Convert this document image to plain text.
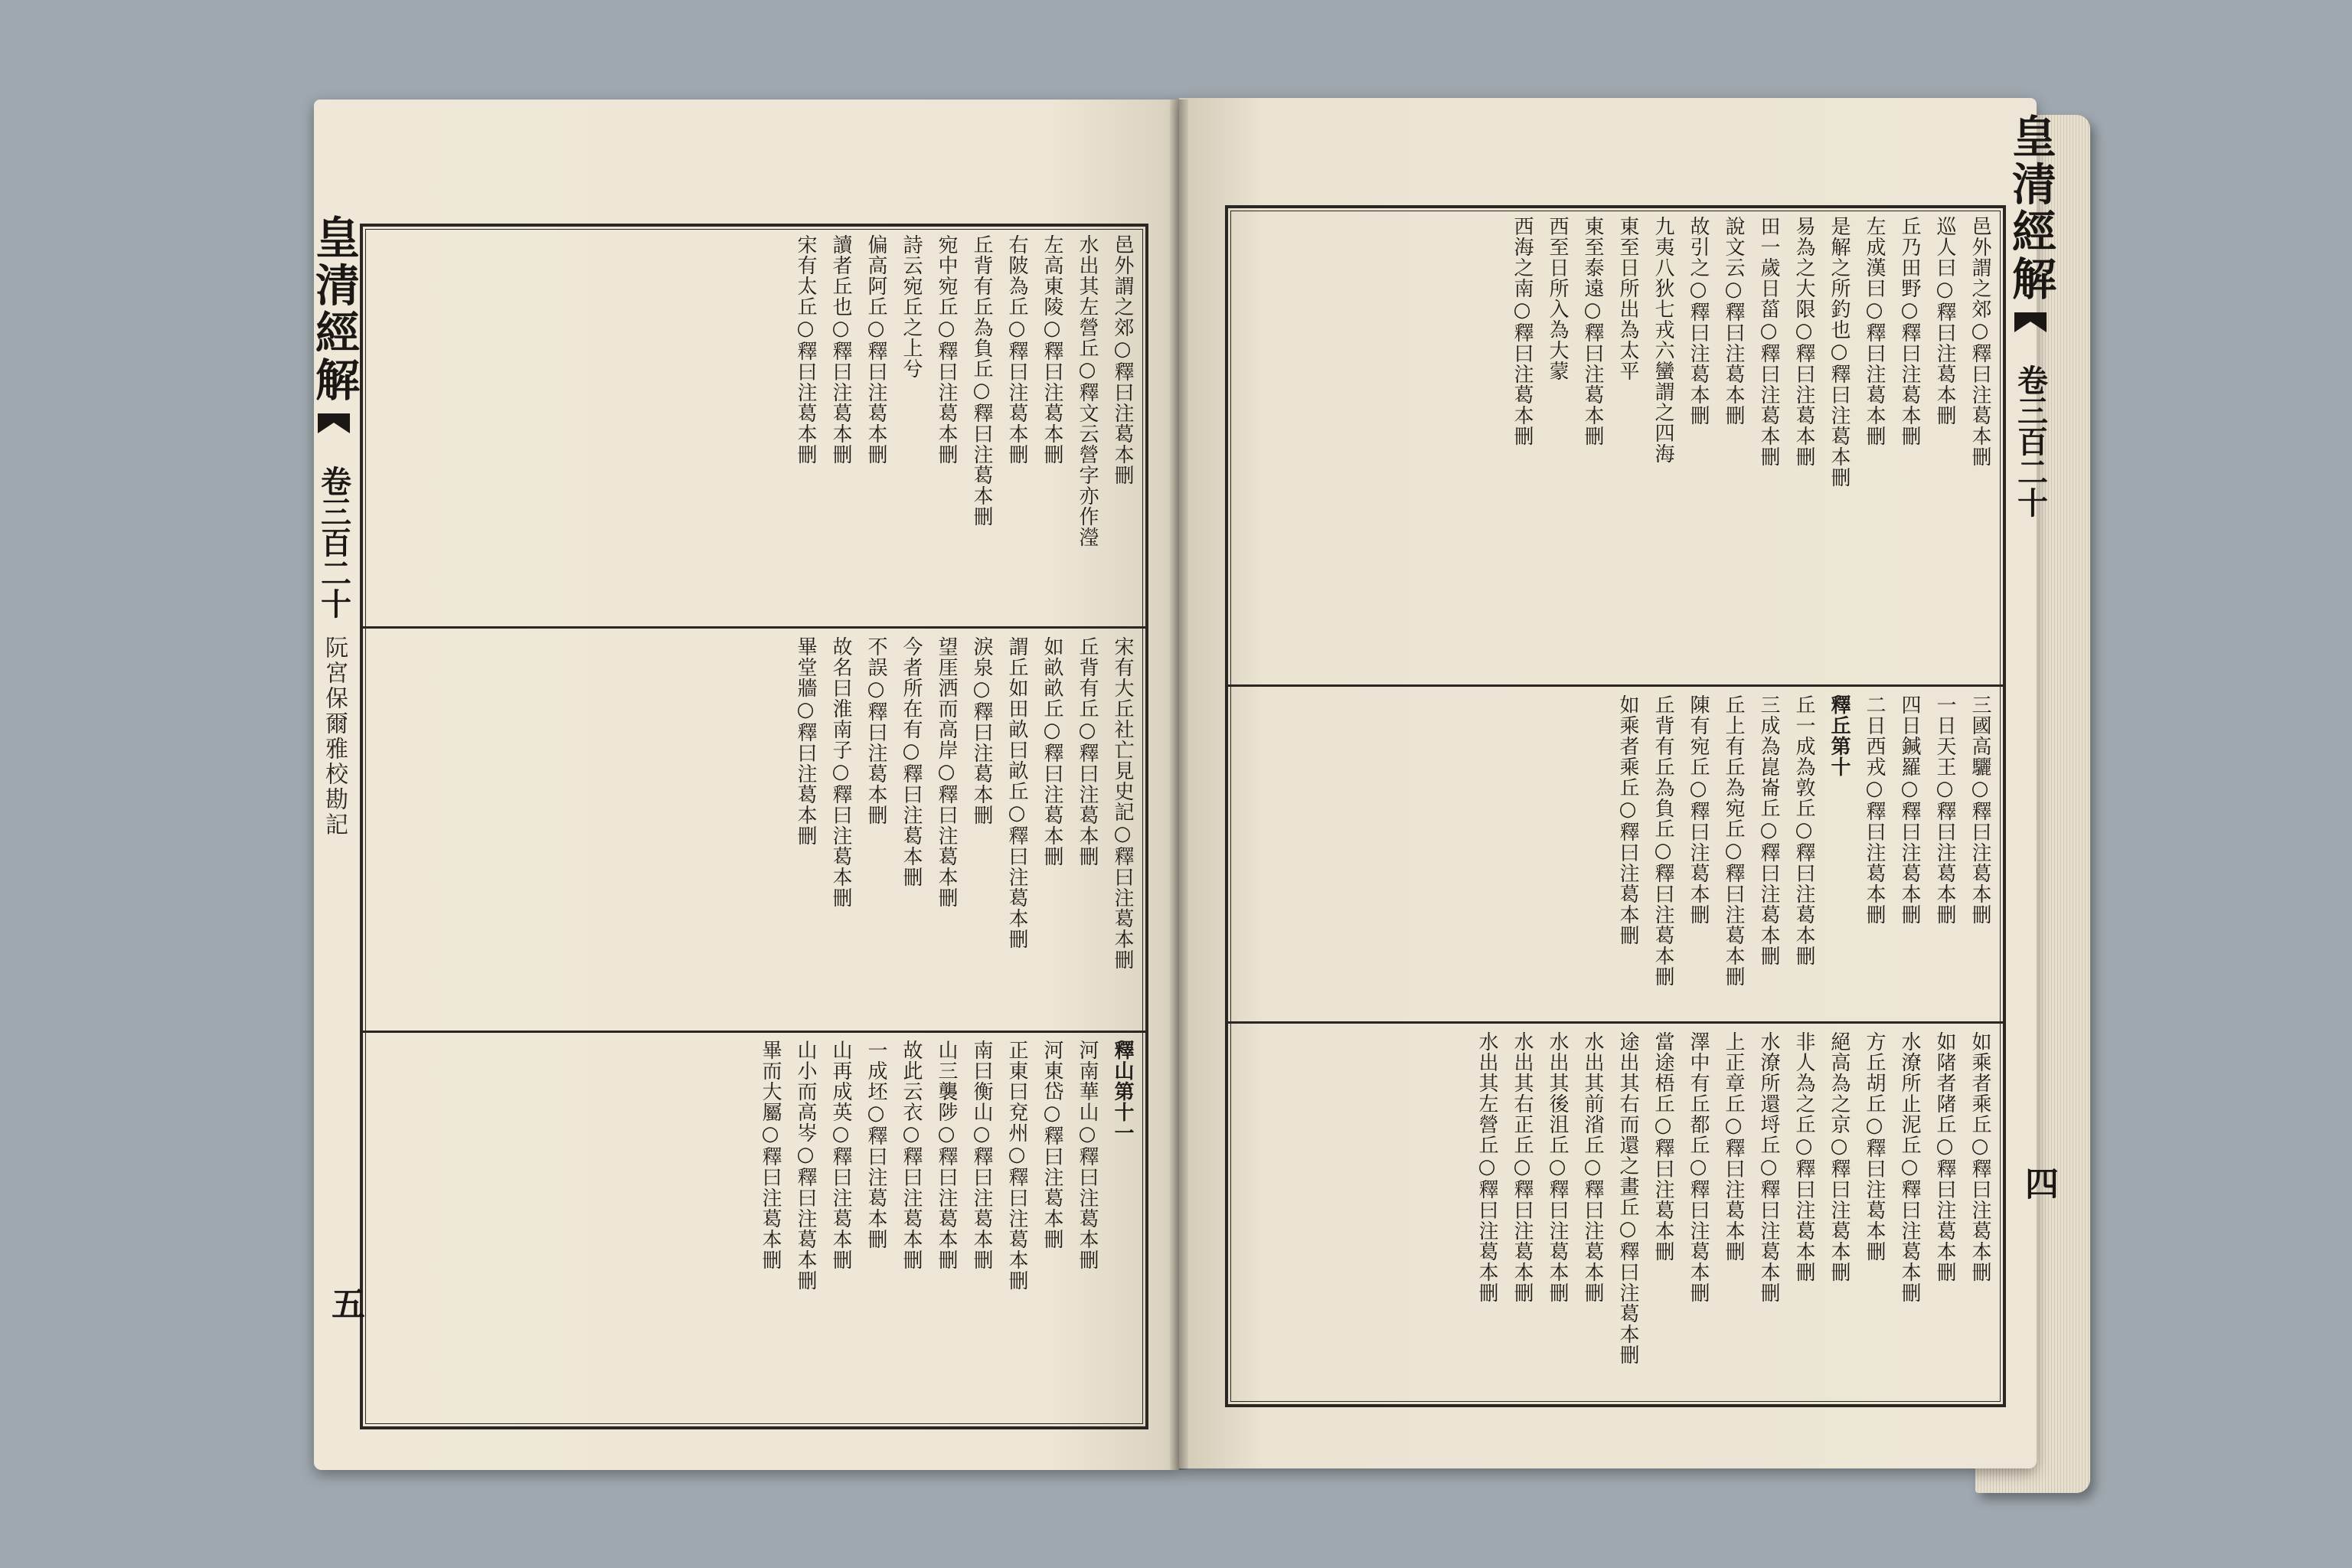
邑外謂之郊○釋曰注葛本刪
水出其左營丘○釋文云營字亦作瀅
左高東陵○釋曰注葛本刪
右陂為丘○釋曰注葛本刪
丘背有丘為負丘○釋曰注葛本刪
宛中宛丘○釋曰注葛本刪
詩云宛丘之上兮
偏高阿丘○釋曰注葛本刪
讀者丘也○釋曰注葛本刪
宋有太丘○釋曰注葛本刪
宋有大丘社亡見史記○釋曰注葛本刪
丘背有丘○釋曰注葛本刪
如畝畝丘○釋曰注葛本刪
謂丘如田畝曰畝丘○釋曰注葛本刪
淚泉○釋曰注葛本刪
望厓洒而高岸○釋曰注葛本刪
今者所在有○釋曰注葛本刪
不誤○釋曰注葛本刪
故名曰淮南子○釋曰注葛本刪
畢堂牆○釋曰注葛本刪
釋山第十一
河南華山○釋曰注葛本刪
河東岱○釋曰注葛本刪
正東曰兗州○釋曰注葛本刪
南曰衡山○釋曰注葛本刪
山三襲陟○釋曰注葛本刪
故此云衣○釋曰注葛本刪
一成坯○釋曰注葛本刪
山再成英○釋曰注葛本刪
山小而高岑○釋曰注葛本刪
畢而大屬○釋曰注葛本刪
皇清經解
卷三百二十
阮宮保爾雅校勘記
五
邑外謂之郊○釋曰注葛本刪
巡人曰○釋曰注葛本刪
丘乃田野○釋曰注葛本刪
左成漢曰○釋曰注葛本刪
是解之所釣也○釋曰注葛本刪
易為之大限○釋曰注葛本刪
田一歲日菑○釋曰注葛本刪
說文云○釋曰注葛本刪
故引之○釋曰注葛本刪
九夷八狄七戎六蠻謂之四海
東至日所出為太平
東至泰遠○釋曰注葛本刪
西至日所入為大蒙
西海之南○釋曰注葛本刪
三國高驪○釋曰注葛本刪
一日天王○釋曰注葛本刪
四日鍼羅○釋曰注葛本刪
二日西戎○釋曰注葛本刪
釋丘第十
丘一成為敦丘○釋曰注葛本刪
三成為崑崙丘○釋曰注葛本刪
丘上有丘為宛丘○釋曰注葛本刪
陳有宛丘○釋曰注葛本刪
丘背有丘為負丘○釋曰注葛本刪
如乘者乘丘○釋曰注葛本刪
如乘者乘丘○釋曰注葛本刪
如陼者陼丘○釋曰注葛本刪
水潦所止泥丘○釋曰注葛本刪
方丘胡丘○釋曰注葛本刪
絕高為之京○釋曰注葛本刪
非人為之丘○釋曰注葛本刪
水潦所還埒丘○釋曰注葛本刪
上正章丘○釋曰注葛本刪
澤中有丘都丘○釋曰注葛本刪
當途梧丘○釋曰注葛本刪
途出其右而還之畫丘○釋曰注葛本刪
水出其前渻丘○釋曰注葛本刪
水出其後沮丘○釋曰注葛本刪
水出其右正丘○釋曰注葛本刪
水出其左營丘○釋曰注葛本刪
皇清經解
卷三百二十
四
